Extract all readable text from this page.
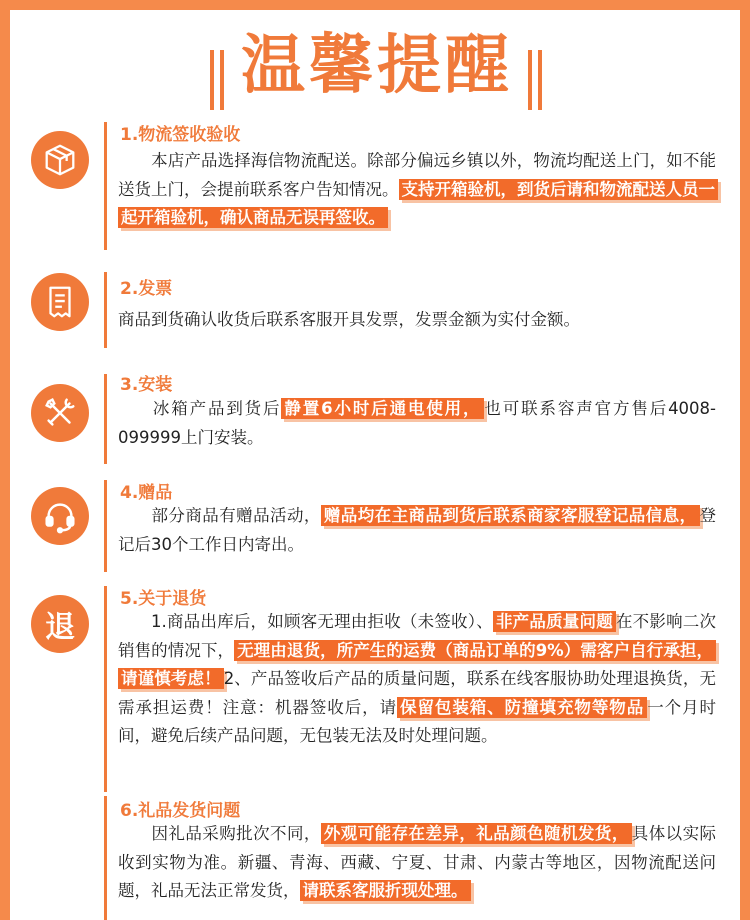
温馨提醒
1.物流签收验收
本店产品选择海信物流配送。除部分偏远乡镇以外，物流均配送上门，如不能送货上门，会提前联系客户告知情况。 支持开箱验机，到货后请和物流配送人员一起开箱验机，确认商品无误再签收。
2.发票
商品到货确认收货后联系客服开具发票，发票金额为实付金额。
3.安装
冰箱产品到货后 静置6小时后通电使用， 也可联系容声官方售后4008-099999上门安装。
4.赠品
部分商品有赠品活动， 赠品均在主商品到货后联系商家客服登记品信息， 登记后30个工作日内寄出。
退
5.关于退货
1.商品出库后，如顾客无理由拒收（未签收）、 非产品质量问题 在不影响二次销售的情况下， 无理由退货，所产生的运费（商品订单的9%）需客户自行承担，请谨慎考虑！ 2、产品签收后产品的质量问题，联系在线客服协助处理退换货，无需承担运费！注意：机器签收后，请 保留包装箱、防撞填充物等物品 一个月时间，避免后续产品问题，无包装无法及时处理问题。
6.礼品发货问题
因礼品采购批次不同， 外观可能存在差异，礼品颜色随机发货， 具体以实际收到实物为准。新疆、青海、西藏、宁夏、甘肃、内蒙古等地区，因物流配送问题，礼品无法正常发货， 请联系客服折现处理。
